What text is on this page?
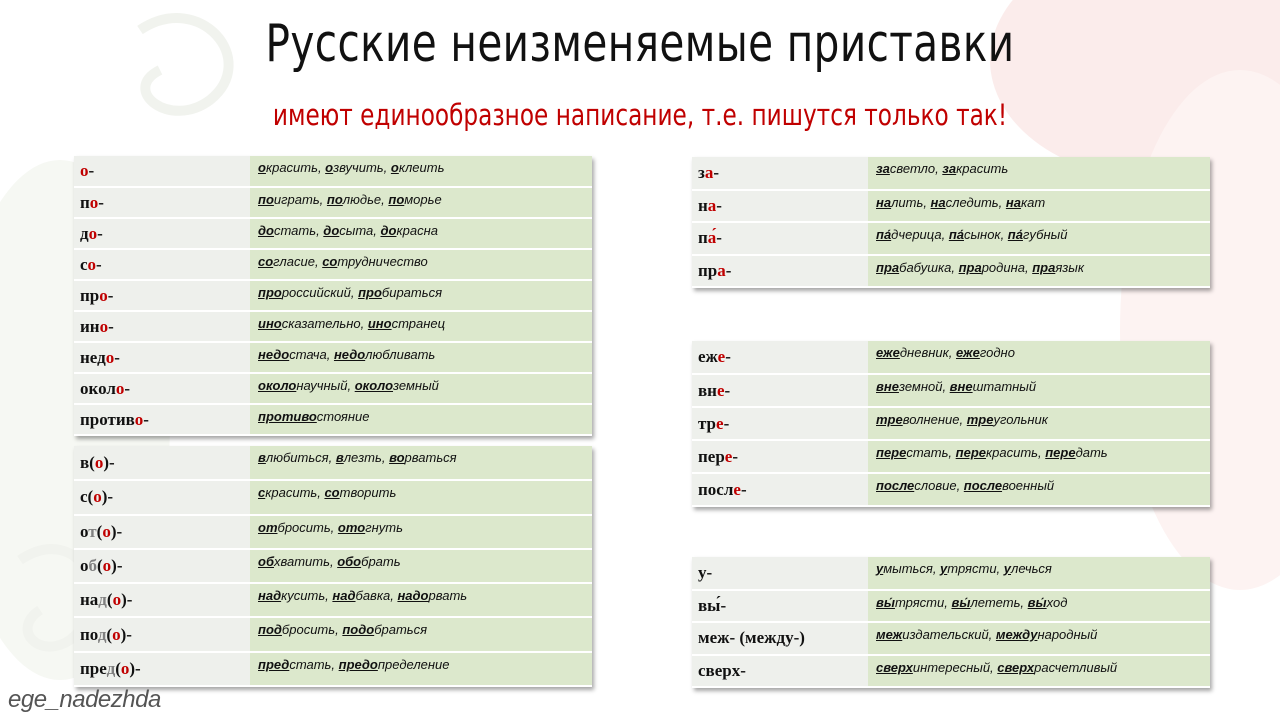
Русские неизменяемые приставки
имеют единообразное написание, т.е. пишутся только так!
о-	окрасить, озвучить, оклеить
по-	поиграть, полюдье, поморье
до-	достать, досыта, докрасна
со-	согласие, сотрудничество
про-	пророссийский, пробираться
ино-	иносказательно, иностранец
недо-	недостача, недолюбливать
около-	околонаучный, околоземный
противо-	противостояние
в(о)-	влюбиться, влезть, ворваться
с(о)-	скрасить, сотворить
от(о)-	отбросить, отогнуть
об(о)-	обхватить, обобрать
над(о)-	надкусить, надбавка, надорвать
под(о)-	подбросить, подобраться
пред(о)-	предстать, предопределение
за-	засветло, закрасить
на-	налить, наследить, накат
па́-	па́дчерица, па́сынок, па́губный
пра-	прабабушка, прародина, праязык
еже-	ежедневник, ежегодно
вне-	внеземной, внештатный
тре-	треволнение, треугольник
пере-	перестать, перекрасить, передать
после-	послесловие, послевоенный
у-	умыться, утрясти, улечься
вы́-	вы́трясти, вы́лететь, вы́ход
меж- (между-)	межиздательский, международный
сверх-	сверхинтересный, сверхрасчетливый
ege_nadezhda
